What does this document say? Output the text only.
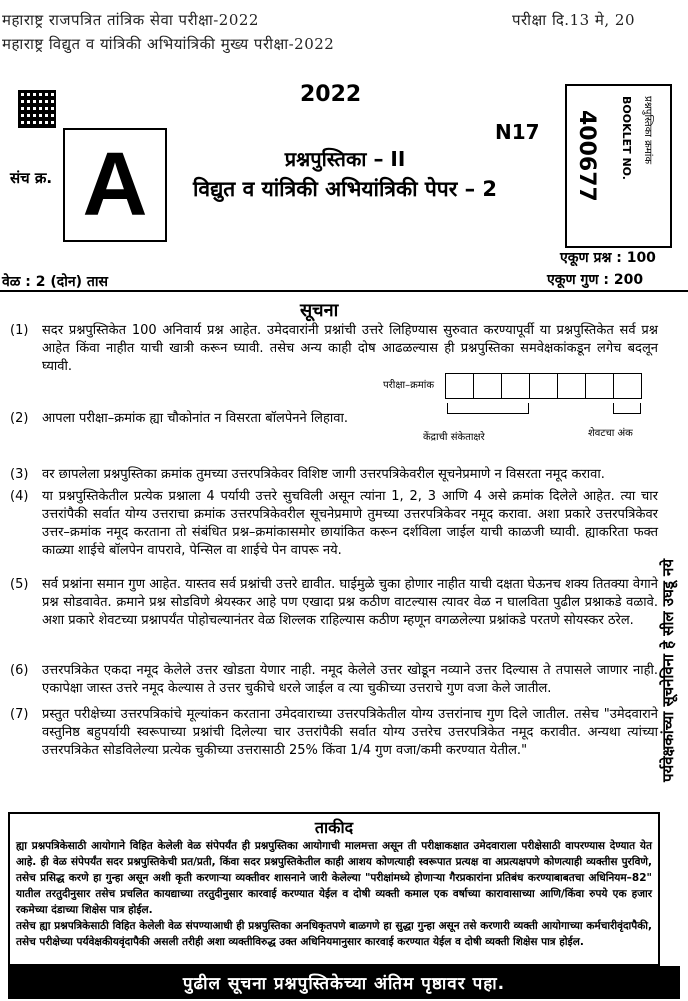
महाराष्ट्र राजपत्रित तांत्रिक सेवा परीक्षा-2022
महाराष्ट्र विद्युत व यांत्रिकी अभियांत्रिकी मुख्य परीक्षा-2022
परीक्षा दि.13 मे, 20
2022
N17
संच क्र. A	प्रश्नपुस्तिका – II
विद्युत व यांत्रिकी अभियांत्रिकी पेपर – 2	400677 BOOKLET NO. प्रश्नपुस्तिका क्रमांक
एकूण प्रश्न : 100
वेळ : 2 (दोन) तास	एकूण गुण : 200
सूचना
(1)	सदर प्रश्नपुस्तिकेत 100 अनिवार्य प्रश्न आहेत. उमेदवारांनी प्रश्नांची उत्तरे लिहिण्यास सुरुवात करण्यापूर्वी या प्रश्नपुस्तिकेत सर्व प्रश्न आहेत किंवा नाहीत याची खात्री करून घ्यावी. तसेच अन्य काही दोष आढळल्यास ही प्रश्नपुस्तिका समवेक्षकांकडून लगेच बदलून घ्यावी.
(2)	आपला परीक्षा–क्रमांक ह्या चौकोनांत न विसरता बॉलपेनने लिहावा.
(3)	वर छापलेला प्रश्नपुस्तिका क्रमांक तुमच्या उत्तरपत्रिकेवर विशिष्ट जागी उत्तरपत्रिकेवरील सूचनेप्रमाणे न विसरता नमूद करावा.
(4)	या प्रश्नपुस्तिकेतील प्रत्येक प्रश्नाला 4 पर्यायी उत्तरे सुचविली असून त्यांना 1, 2, 3 आणि 4 असे क्रमांक दिलेले आहेत. त्या चार उत्तरांपैकी सर्वात योग्य उत्तराचा क्रमांक उत्तरपत्रिकेवरील सूचनेप्रमाणे तुमच्या उत्तरपत्रिकेवर नमूद करावा. अशा प्रकारे उत्तरपत्रिकेवर उत्तर–क्रमांक नमूद करताना तो संबंधित प्रश्न–क्रमांकासमोर छायांकित करून दर्शविला जाईल याची काळजी घ्यावी. ह्याकरिता फक्त काळ्या शाईचे बॉलपेन वापरावे, पेन्सिल वा शाईचे पेन वापरू नये.
(5)	सर्व प्रश्नांना समान गुण आहेत. यास्तव सर्व प्रश्नांची उत्तरे द्यावीत. घाईमुळे चुका होणार नाहीत याची दक्षता घेऊनच शक्य तितक्या वेगाने प्रश्न सोडवावेत. क्रमाने प्रश्न सोडविणे श्रेयस्कर आहे पण एखादा प्रश्न कठीण वाटल्यास त्यावर वेळ न घालविता पुढील प्रश्नाकडे वळावे. अशा प्रकारे शेवटच्या प्रश्नापर्यंत पोहोचल्यानंतर वेळ शिल्लक राहिल्यास कठीण म्हणून वगळलेल्या प्रश्नांकडे परतणे सोयस्कर ठरेल.
(6)	उत्तरपत्रिकेत एकदा नमूद केलेले उत्तर खोडता येणार नाही. नमूद केलेले उत्तर खोडून नव्याने उत्तर दिल्यास ते तपासले जाणार नाही. एकापेक्षा जास्त उत्तरे नमूद केल्यास ते उत्तर चुकीचे धरले जाईल व त्या चुकीच्या उत्तराचे गुण वजा केले जातील.
(7)	प्रस्तुत परीक्षेच्या उत्तरपत्रिकांचे मूल्यांकन करताना उमेदवाराच्या उत्तरपत्रिकेतील योग्य उत्तरांनाच गुण दिले जातील. तसेच "उमेदवाराने वस्तुनिष्ठ बहुपर्यायी स्वरूपाच्या प्रश्नांची दिलेल्या चार उत्तरांपैकी सर्वात योग्य उत्तरेच उत्तरपत्रिकेत नमूद करावीत. अन्यथा त्यांच्या उत्तरपत्रिकेत सोडविलेल्या प्रत्येक चुकीच्या उत्तरासाठी 25% किंवा 1/4 गुण वजा/कमी करण्यात येतील."
परीक्षा–क्रमांक
केंद्राची संकेताक्षरे	शेवटचा अंक
पर्यवेक्षकांच्या सूचनेविना हे सील उघडू नये
ताकीद
ह्या प्रश्नपत्रिकेसाठी आयोगाने विहित केलेली वेळ संपेपर्यंत ही प्रश्नपुस्तिका आयोगाची मालमत्ता असून ती परीक्षाकक्षात उमेदवाराला परीक्षेसाठी वापरण्यास देण्यात येत आहे. ही वेळ संपेपर्यंत सदर प्रश्नपुस्तिकेची प्रत/प्रती, किंवा सदर प्रश्नपुस्तिकेतील काही आशय कोणत्याही स्वरूपात प्रत्यक्ष वा अप्रत्यक्षपणे कोणत्याही व्यक्तीस पुरविणे, तसेच प्रसिद्ध करणे हा गुन्हा असून अशी कृती करणाऱ्या व्यक्तीवर शासनाने जारी केलेल्या "परीक्षांमध्ये होणाऱ्या गैरप्रकारांना प्रतिबंध करण्याबाबतचा अधिनियम–82" यातील तरतुदीनुसार तसेच प्रचलित कायद्याच्या तरतुदीनुसार कारवाई करण्यात येईल व दोषी व्यक्ती कमाल एक वर्षाच्या कारावासाच्या आणि/किंवा रुपये एक हजार रकमेच्या दंडाच्या शिक्षेस पात्र होईल.
तसेच ह्या प्रश्नपत्रिकेसाठी विहित केलेली वेळ संपण्याआधी ही प्रश्नपुस्तिका अनधिकृतपणे बाळगणे हा सुद्धा गुन्हा असून तसे करणारी व्यक्ती आयोगाच्या कर्मचारीवृंदापैकी, तसेच परीक्षेच्या पर्यवेक्षकीयवृंदापैकी असली तरीही अशा व्यक्तीविरुद्ध उक्त अधिनियमानुसार कारवाई करण्यात येईल व दोषी व्यक्ती शिक्षेस पात्र होईल.
पुढील सूचना प्रश्नपुस्तिकेच्या अंतिम पृष्ठावर पहा.
